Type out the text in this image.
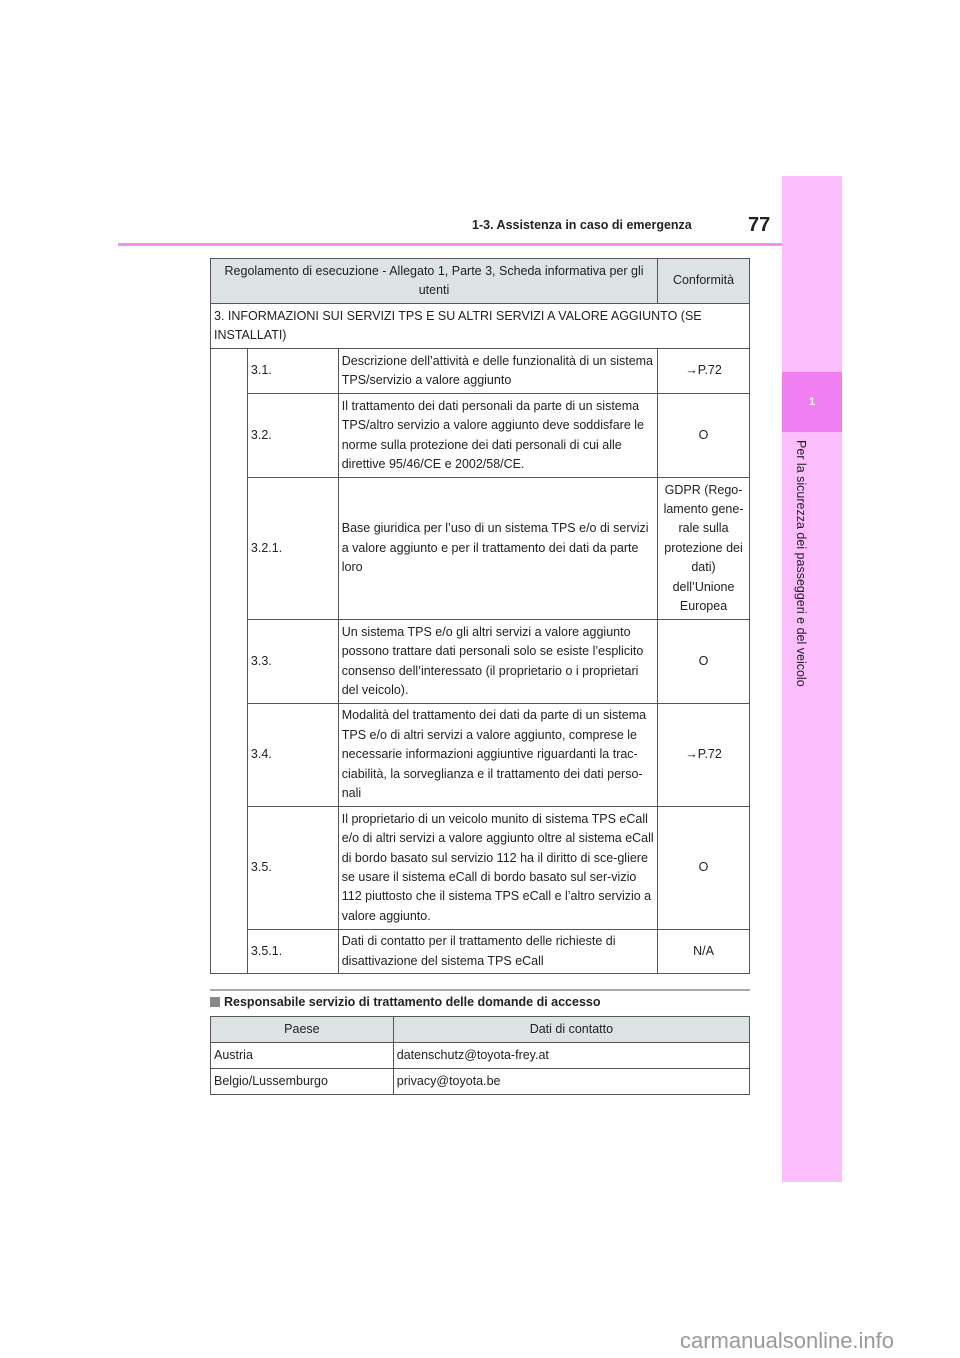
1-3. Assistenza in caso di emergenza	77
1
Per la sicurezza dei passeggeri e del veicolo
Regolamento di esecuzione - Allegato 1, Parte 3, Scheda informativa per gli utenti			Conformità
3. INFORMAZIONI SUI SERVIZI TPS E SU ALTRI SERVIZI A VALORE AGGIUNTO (SE INSTALLATI)			
	3.1.	Descrizione dell’attività e delle funzionalità di un sistema TPS/servizio a valore aggiunto	→P.72
	3.2.	Il trattamento dei dati personali da parte di un sistema TPS/altro servizio a valore aggiunto deve soddisfare le norme sulla protezione dei dati personali di cui alle direttive 95/46/CE e 2002/58/CE.	O
	3.2.1.	Base giuridica per l’uso di un sistema TPS e/o di servizi a valore aggiunto e per il trattamento dei dati da parte loro	GDPR (Rego-lamento gene-rale sulla protezione dei dati) dell’Unione Europea
	3.3.	Un sistema TPS e/o gli altri servizi a valore aggiunto possono trattare dati personali solo se esiste l’esplicito consenso dell’interessato (il proprietario o i proprietari del veicolo).	O
	3.4.	Modalità del trattamento dei dati da parte di un sistema TPS e/o di altri servizi a valore aggiunto, comprese le necessarie informazioni aggiuntive riguardanti la trac-ciabilità, la sorveglianza e il trattamento dei dati perso-nali	→P.72
	3.5.	Il proprietario di un veicolo munito di sistema TPS eCall e/o di altri servizi a valore aggiunto oltre al sistema eCall di bordo basato sul servizio 112 ha il diritto di sce-gliere se usare il sistema eCall di bordo basato sul ser-vizio 112 piuttosto che il sistema TPS eCall e l’altro servizio a valore aggiunto.	O
	3.5.1.	Dati di contatto per il trattamento delle richieste di disattivazione del sistema TPS eCall	N/A
Responsabile servizio di trattamento delle domande di accesso
Paese	Dati di contatto
Austria	datenschutz@toyota-frey.at
Belgio/Lussemburgo	privacy@toyota.be
carmanualsonline.info
